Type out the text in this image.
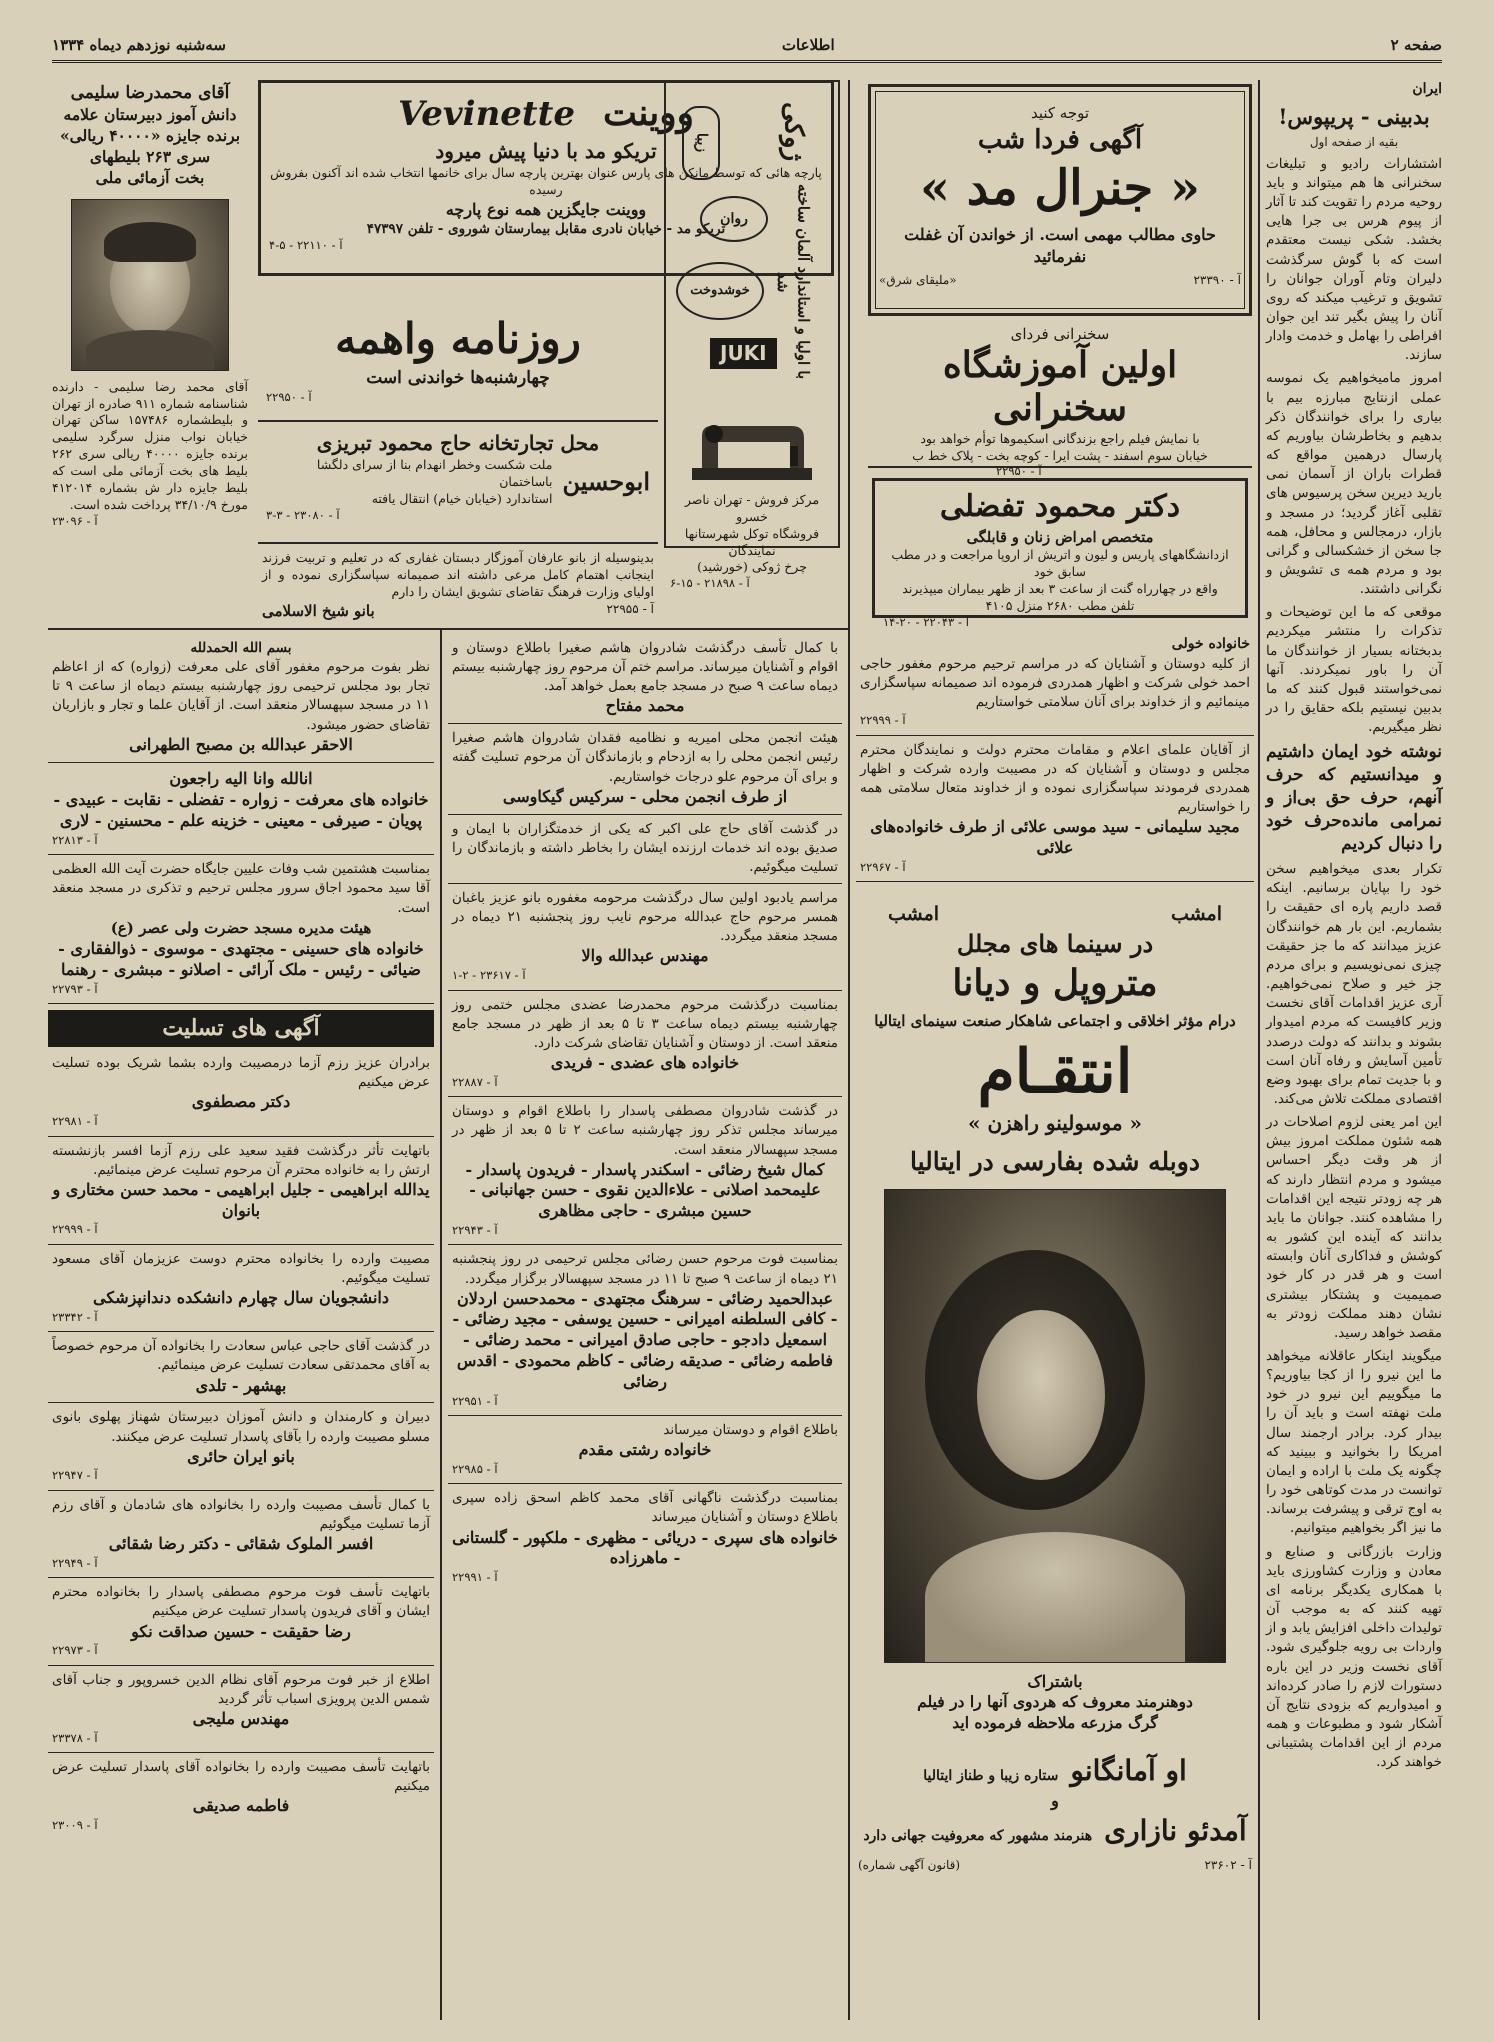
صفحه ۲
اطلاعات
سه‌شنبه نوزدهم دیماه ۱۳۳۴
ایران
بدبینی - پریپوس!
بقیه از صفحه اول

اشتشارات رادیو و تبلیغات سخنرانی ها هم میتواند و باید روحیه مردم را تقویت کند تا آثار از پیوم هرس بی جرا هایی بخشد. شکی نیست معتقدم است که با گوش سرگذشت دلیران وتام آوران جوانان را تشویق و ترغیب میکند که روی آنان را پیش بگیر تند این جوان افراطی را بهامل و خدمت وادار سازند.

امروز مامیخواهیم یک نموسه عملی ازنتایج مبارزه بیم با بیاری را برای خوانندگان ذکر بدهیم و بخاطرشان بیاوریم که پارسال درهمین مواقع که قطرات باران از آسمان نمی بارید دیرین سخن پرسیوس های تقلبی آغاز گردید؛ در مسجد و بازار، درمجالس و محافل، همه جا سخن از خشکسالی و گرانی بود و مردم همه ی تشویش و نگرانی داشتند.

موقعی که ما این توضیحات و تذکرات را منتشر میکردیم بدبختانه بسیار از خوانندگان ما آن را باور نمیکردند. آنها نمی‌خواستند قبول کنند که ما بدبین نیستیم بلکه حقایق را در نظر میگیریم.

نوشته خود ایمان داشتیم و میدانستیم که حرف آنهم، حرف حق بی‌از و نمرامی مانده‌حرف خود را دنبال کردیم

تکرار بعدی میخواهیم سخن خود را بپایان برسانیم. اینکه قصد داریم پاره ای حقیقت را بشماریم. این بار هم خوانندگان عزیز میدانند که ما جز حقیقت چیزی نمی‌نویسیم و برای مردم جز خیر و صلاح نمی‌خواهیم. آری عزیز اقدامات آقای نخست وزیر کافیست که مردم امیدوار بشوند و بدانند که دولت درصدد تأمین آسایش و رفاه آنان است و با جدیت تمام برای بهبود وضع اقتصادی مملکت تلاش می‌کند.

این امر یعنی لزوم اصلاحات در همه شئون مملکت امروز بیش از هر وقت دیگر احساس میشود و مردم انتظار دارند که هر چه زودتر نتیجه این اقدامات را مشاهده کنند. جوانان ما باید بدانند که آینده این کشور به کوشش و فداکاری آنان وابسته است و هر قدر در کار خود صمیمیت و پشتکار بیشتری نشان دهند مملکت زودتر به مقصد خواهد رسید.

میگویند اینکار عاقلانه میخواهد ما این نیرو را از کجا بیاوریم؟ ما میگوییم این نیرو در خود ملت نهفته است و باید آن را بیدار کرد. برادر ارجمند سال امریکا را بخوانید و ببینید که چگونه یک ملت با اراده و ایمان توانست در مدت کوتاهی خود را به اوج ترقی و پیشرفت برساند. ما نیز اگر بخواهیم میتوانیم.

وزارت بازرگانی و صنایع و معادن و وزارت کشاورزی باید با همکاری یکدیگر برنامه ای تهیه کنند که به موجب آن تولیدات داخلی افزایش یابد و از واردات بی رویه جلوگیری شود. آقای نخست وزیر در این باره دستورات لازم را صادر کرده‌اند و امیدواریم که بزودی نتایج آن آشکار شود و مطبوعات و همه مردم از این اقدامات پشتیبانی خواهند کرد.

توجه کنید
آگهی فردا شب
« جنرال مد »
حاوی مطالب مهمی است. از خواندن آن غفلت نفرمائید
آ - ۲۳۳۹۰
«ملیقای شرق»
سخنرانی فردای
اولین آموزشگاه سخنرانی
با نمایش فیلم راجع بزندگانی اسکیموها توأم خواهد بود
خیابان سوم اسفند - پشت ایرا - کوچه بخت - پلاک خط ب
آ - ۲۲۹۵۰
دکتر محمود تفضلی
متخصص امراض زنان و قابلگی
ازدانشگاههای پاریس و لیون و اتریش از اروپا مراجعت و در مطب سابق خود
واقع در چهارراه گنت از ساعت ۳ بعد از ظهر بیماران میپذیرند
تلفن مطب ۲۶۸۰ منزل ۴۱۰۵
آ - ۲۲۰۴۳ - ۲۰-۱۴
ووینت
Vevinette
تریکو مد با دنیا پیش میرود
پارچه هائی که توسط مانکن های پارس عنوان بهترین پارچه سال برای خانمها انتخاب شده اند آکنون بفروش رسیده
ووینت جایگزین همه نوع پارچه
تریکو مد - خیابان نادری مقابل بیمارستان شوروی - تلفن ۴۷۳۹۷
آ - ۲۲۱۱۰ - ۵-۴
روزنامه واهمه
چهارشنبه‌ها خواندنی است
آ - ۲۲۹۵۰
محل تجارتخانه حاج محمود تبریزی
ابوحسین
ملت شکست وخطر انهدام بنا از سرای دلگشا باساختمان
استاندارد (خیابان خیام) انتقال یافته
آ - ۲۳۰۸۰ - ۳-۳
بدینوسیله از بانو عارفان آموزگار دبستان غفاری که در تعلیم و تربیت فرزند اینجانب اهتمام کامل مرعی داشته اند صمیمانه سپاسگزاری نموده و از اولیای وزارت فرهنگ تقاضای تشویق ایشان را دارم
آ - ۲۲۹۵۵
بانو شیخ الاسلامی
ژوکی
با اولیا و استاندارد آلمان ساخته شد
زیبا
روان
خوشدوخت
JUKI
مرکز فروش - تهران ناصر خسرو
فروشگاه توکل شهرستانها نمایندگان
چرخ ژوکی (خورشید)
آ - ۲۱۸۹۸ - ۱۵-۶
آقای محمدرضا سلیمی
دانش آموز دبیرستان علامه
برنده جایزه «۴۰۰۰۰ ریالی»
سری ۲۶۳ بلیطهای
بخت آزمائی ملی
آقای محمد رضا سلیمی - دارنده شناسنامه شماره ۹۱۱ صادره از تهران و بلیطشماره ۱۵۷۴۸۶ ساکن تهران خیابان نواب منزل سرگرد سلیمی برنده جایزه ۴۰۰۰۰ ریالی سری ۲۶۲ بلیط های بخت آزمائی ملی است که بلیط جایزه دار ش بشماره ۴۱۲۰۱۴ مورخ ۳۴/۱۰/۹ پرداخت شده است.
آ - ۲۳۰۹۶
خانواده خولی
از کلیه دوستان و آشنایان که در مراسم ترحیم مرحوم مغفور حاجی احمد خولی شرکت و اظهار همدردی فرموده اند صمیمانه سپاسگزاری مینمائیم و از خداوند برای آنان سلامتی خواستاریم
آ - ۲۲۹۹۹
از آقایان علمای اعلام و مقامات محترم دولت و نمایندگان محترم مجلس و دوستان و آشنایان که در مصیبت وارده شرکت و اظهار همدردی فرمودند سپاسگزاری نموده و از خداوند متعال سلامتی همه را خواستاریم
مجید سلیمانی - سید موسی علائی از طرف خانواده‌های علائی
آ - ۲۲۹۶۷
امشب
امشب
در سینما های مجلل
متروپل و دیانا
درام مؤثر اخلاقی و اجتماعی شاهکار صنعت سینمای ایتالیا
انتقـام
« موسولینو راهزن »
دوبله شده بفارسی در ایتالیا
باشتراک
دوهنرمند معروف که هردوی آنها را در فیلم
گرگ مزرعه ملاحظه فرموده اید
او آمانگانو
ستاره زیبا و طناز ایتالیا
و
آمدئو نازاری
هنرمند مشهور که معروفیت جهانی دارد
آ - ۲۳۶۰۲
(قانون آگهی شماره)
با کمال تأسف درگذشت شادروان هاشم صغیرا باطلاع دوستان و اقوام و آشنایان میرساند. مراسم ختم آن مرحوم روز چهارشنبه بیستم دیماه ساعت ۹ صبح در مسجد جامع بعمل خواهد آمد.
محمد مفتاح
هیئت انجمن محلی امیریه و نظامیه فقدان شادروان هاشم صغیرا رئیس انجمن محلی را به ازدحام و بازماندگان آن مرحوم تسلیت گفته و برای آن مرحوم علو درجات خواستاریم.
از طرف انجمن محلی - سرکیس گیکاوسی
در گذشت آقای حاج علی اکبر که یکی از خدمتگزاران با ایمان و صدیق بوده اند خدمات ارزنده ایشان را بخاطر داشته و بازماندگان را تسلیت میگوئیم.
مراسم یادبود اولین سال درگذشت مرحومه مغفوره بانو عزیز باغبان همسر مرحوم حاج عبدالله مرحوم نایب روز پنجشنبه ۲۱ دیماه در مسجد منعقد میگردد.
مهندس عبدالله والا
آ - ۲۳۶۱۷ - ۲-۱
بمناسبت درگذشت مرحوم محمدرضا عضدی مجلس ختمی روز چهارشنبه بیستم دیماه ساعت ۳ تا ۵ بعد از ظهر در مسجد جامع منعقد است. از دوستان و آشنایان تقاضای شرکت دارد.
خانواده های عضدی - فریدی
آ - ۲۲۸۸۷
در گذشت شادروان مصطفی پاسدار را باطلاع اقوام و دوستان میرساند مجلس تذکر روز چهارشنبه ساعت ۲ تا ۵ بعد از ظهر در مسجد سپهسالار منعقد است.
کمال شیخ رضائی - اسکندر پاسدار - فریدون پاسدار - علیمحمد اصلانی - علاءالدین نقوی - حسن جهانبانی - حسین مبشری - حاجی مظاهری
آ - ۲۲۹۴۳
بمناسبت فوت مرحوم حسن رضائی مجلس ترحیمی در روز پنجشنبه ۲۱ دیماه از ساعت ۹ صبح تا ۱۱ در مسجد سپهسالار برگزار میگردد.
عبدالحمید رضائی - سرهنگ مجتهدی - محمدحسن اردلان - کافی السلطنه امیرانی - حسین یوسفی - مجید رضائی - اسمعیل دادجو - حاجی صادق امیرانی - محمد رضائی - فاطمه رضائی - صدیقه رضائی - کاظم محمودی - اقدس رضائی
آ - ۲۲۹۵۱
باطلاع اقوام و دوستان میرساند
خانواده رشتی مقدم
آ - ۲۲۹۸۵
بمناسبت درگذشت ناگهانی آقای محمد کاظم اسحق زاده سپری باطلاع دوستان و آشنایان میرساند
خانواده های سپری - دریائی - مظهری - ملکپور - گلستانی - ماهرزاده
آ - ۲۲۹۹۱
بسم الله الحمدلله
نظر بفوت مرحوم مغفور آقای علی معرفت (زواره) که از اعاظم تجار بود مجلس ترحیمی روز چهارشنبه بیستم دیماه از ساعت ۹ تا ۱۱ در مسجد سپهسالار منعقد است. از آقایان علما و تجار و بازاریان تقاضای حضور میشود.
الاحقر عبدالله بن مصبح الطهرانی
انالله وانا الیه راجعون
خانواده های معرفت - زواره - تفضلی - نقابت - عبیدی - پویان - صیرفی - معینی - خزینه علم - محسنین - لاری
آ - ۲۲۸۱۳
بمناسبت هشتمین شب وفات علیین جایگاه حضرت آیت الله العظمی آقا سید محمود اجاق سرور مجلس ترحیم و تذکری در مسجد منعقد است.
هیئت مدیره مسجد حضرت ولی عصر (ع)
خانواده های حسینی - مجتهدی - موسوی - ذوالفقاری - ضیائی - رئیس - ملک آرائی - اصلانو - مبشری - رهنما
آ - ۲۲۷۹۳
آگهی های تسلیت
برادران عزیز رزم آزما درمصیبت وارده بشما شریک بوده تسلیت عرض میکنیم
دکتر مصطفوی
آ - ۲۲۹۸۱
باتهایت تأثر درگذشت فقید سعید علی رزم آزما افسر بازنشسته ارتش را به خانواده محترم آن مرحوم تسلیت عرض مینمائیم.
یدالله ابراهیمی - جلیل ابراهیمی - محمد حسن مختاری و بانوان
آ - ۲۲۹۹۹
مصیبت وارده را بخانواده محترم دوست عزیزمان آقای مسعود تسلیت میگوئیم.
دانشجویان سال چهارم دانشکده دندانپزشکی
آ - ۲۳۳۴۲
در گذشت آقای حاجی عباس سعادت را بخانواده آن مرحوم خصوصاً به آقای محمدتقی سعادت تسلیت عرض مینمائیم.
بهشهر - تلدی
دبیران و کارمندان و دانش آموزان دبیرستان شهناز پهلوی بانوی مسلو مصیبت وارده را بآقای پاسدار تسلیت عرض میکنند.
بانو ایران حائری
آ - ۲۲۹۴۷
با کمال تأسف مصیبت وارده را بخانواده های شادمان و آقای رزم آزما تسلیت میگوئیم
افسر الملوک شقائی - دکتر رضا شقائی
آ - ۲۲۹۴۹
باتهایت تأسف فوت مرحوم مصطفی پاسدار را بخانواده محترم ایشان و آقای فریدون پاسدار تسلیت عرض میکنیم
رضا حقیقت - حسین صداقت نکو
آ - ۲۲۹۷۳
اطلاع از خبر فوت مرحوم آقای نظام الدین خسروپور و جناب آقای شمس الدین پرویزی اسباب تأثر گردید
مهندس ملیجی
آ - ۲۳۳۷۸
باتهایت تأسف مصیبت وارده را بخانواده آقای پاسدار تسلیت عرض میکنیم
فاطمه صدیقی
آ - ۲۳۰۰۹
